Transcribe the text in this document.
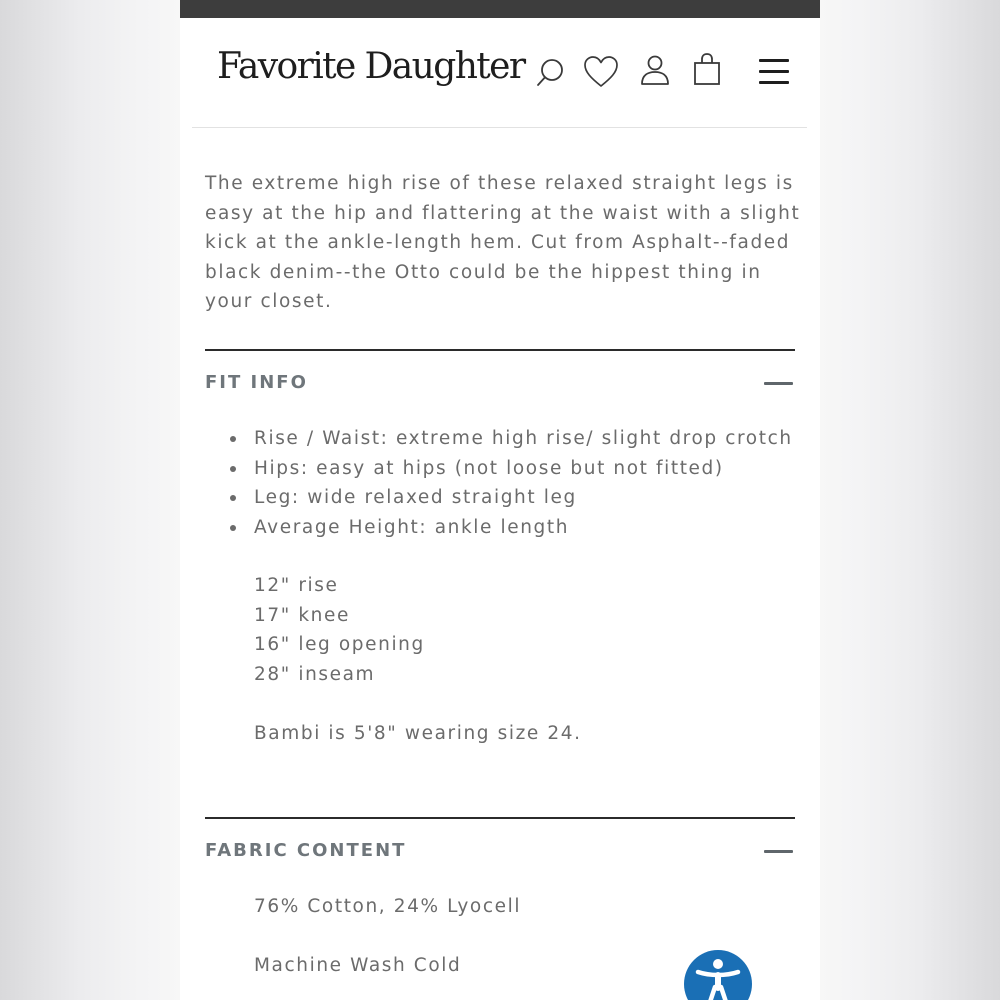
Favorite Daughter

The extreme high rise of these relaxed straight legs is easy at the hip and flattering at the waist with a slight kick at the ankle-length hem. Cut from Asphalt--faded black denim--the Otto could be the hippest thing in your closet.

FIT INFO
Rise / Waist: extreme high rise/ slight drop crotch
Hips: easy at hips (not loose but not fitted)
Leg: wide relaxed straight leg
Average Height: ankle length
12" rise
17" knee
16" leg opening
28" inseam
Bambi is 5'8" wearing size 24.
FABRIC CONTENT
76% Cotton, 24% Lyocell
Machine Wash Cold
